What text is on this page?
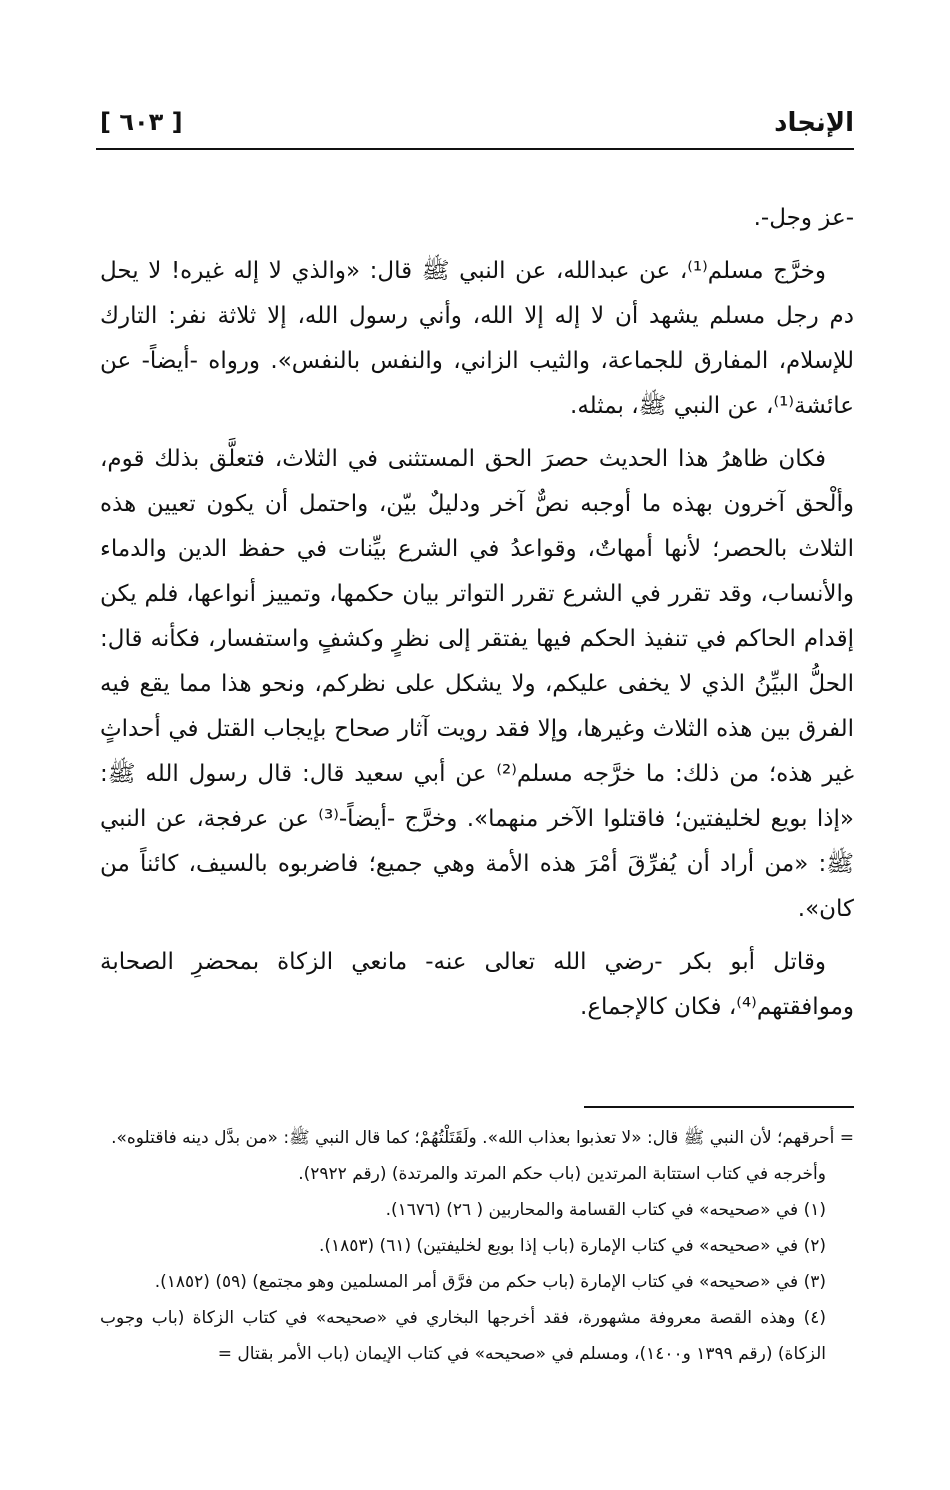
الإنجاد
[ ٦٠٣ ]

-عز وجل-.

وخرَّج مسلم⁽¹⁾، عن عبدالله، عن النبي ﷺ قال: «والذي لا إله غيره! لا يحل دم رجل مسلم يشهد أن لا إله إلا الله، وأني رسول الله، إلا ثلاثة نفر: التارك للإسلام، المفارق للجماعة، والثيب الزاني، والنفس بالنفس». ورواه -أيضاً- عن عائشة⁽¹⁾، عن النبي ﷺ، بمثله.

فكان ظاهرُ هذا الحديث حصرَ الحق المستثنى في الثلاث، فتعلَّق بذلك قوم، وألْحق آخرون بهذه ما أوجبه نصٌّ آخر ودليلٌ بيّن، واحتمل أن يكون تعيين هذه الثلاث بالحصر؛ لأنها أمهاتٌ، وقواعدُ في الشرع بيِّنات في حفظ الدين والدماء والأنساب، وقد تقرر في الشرع تقرر التواتر بيان حكمها، وتمييز أنواعها، فلم يكن إقدام الحاكم في تنفيذ الحكم فيها يفتقر إلى نظرٍ وكشفٍ واستفسار، فكأنه قال: الحلُّ البيِّنُ الذي لا يخفى عليكم، ولا يشكل على نظركم، ونحو هذا مما يقع فيه الفرق بين هذه الثلاث وغيرها، وإلا فقد رويت آثار صحاح بإيجاب القتل في أحداثٍ غير هذه؛ من ذلك: ما خرَّجه مسلم⁽²⁾ عن أبي سعيد قال: قال رسول الله ﷺ: «إذا بويع لخليفتين؛ فاقتلوا الآخر منهما». وخرَّج -أيضاً-⁽³⁾ عن عرفجة، عن النبي ﷺ: «من أراد أن يُفرِّقَ أمْرَ هذه الأمة وهي جميع؛ فاضربوه بالسيف، كائناً من كان».

وقاتل أبو بكر -رضي الله تعالى عنه- مانعي الزكاة بمحضرِ الصحابة وموافقتهم⁽⁴⁾، فكان كالإجماع.

= أحرقهم؛ لأن النبي ﷺ قال: «لا تعذبوا بعذاب الله». ولَقَتَلْتُهُمْ؛ كما قال النبي ﷺ: «من بدَّل دينه فاقتلوه».

وأخرجه في كتاب استتابة المرتدين (باب حكم المرتد والمرتدة) (رقم ٢٩٢٢).

(١) في «صحيحه» في كتاب القسامة والمحاربين ( ٢٦) (١٦٧٦).

(٢) في «صحيحه» في كتاب الإمارة (باب إذا بويع لخليفتين) (٦١) (١٨٥٣).

(٣) في «صحيحه» في كتاب الإمارة (باب حكم من فرَّق أمر المسلمين وهو مجتمع) (٥٩) (١٨٥٢).

(٤) وهذه القصة معروفة مشهورة، فقد أخرجها البخاري في «صحيحه» في كتاب الزكاة (باب وجوب الزكاة) (رقم ١٣٩٩ و١٤٠٠)، ومسلم في «صحيحه» في كتاب الإيمان (باب الأمر بقتال =
